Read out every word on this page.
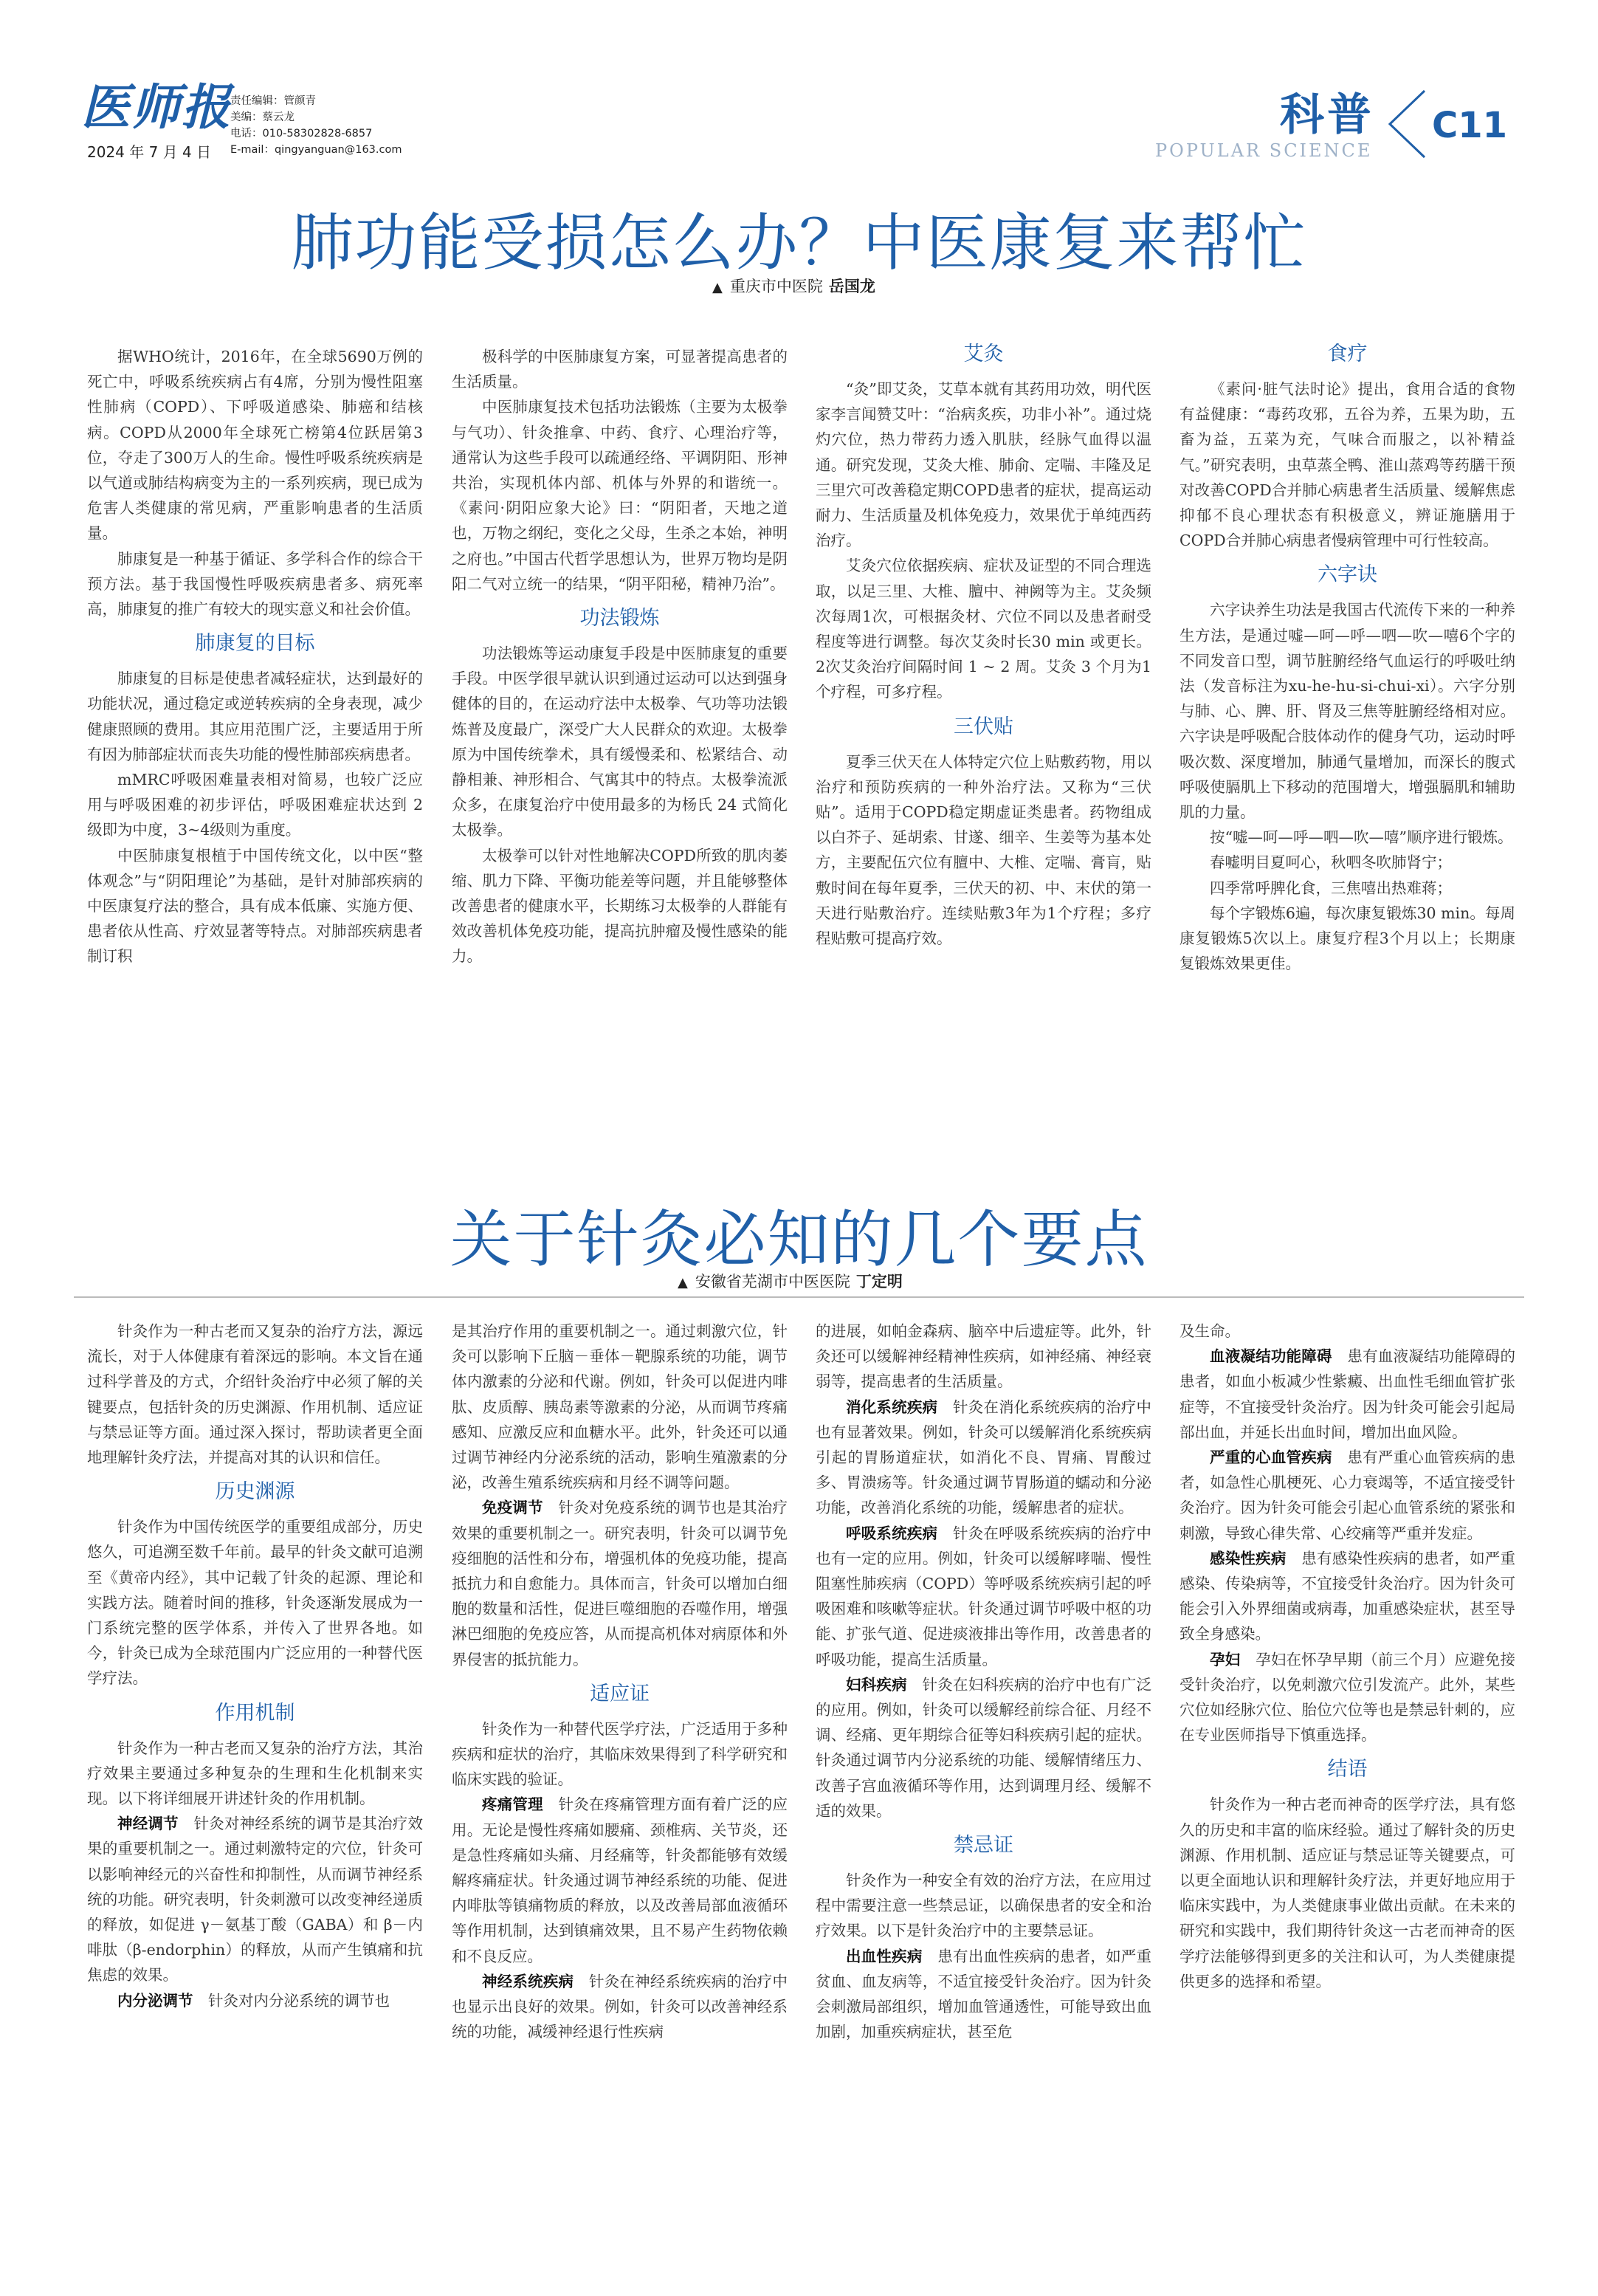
医师报
2024 年 7 月 4 日
责任编辑：管颜青
美编：蔡云龙
电话：010-58302828-6857
E-mail：qingyanguan@163.com
科普
POPULAR SCIENCE
C11
肺功能受损怎么办？中医康复来帮忙
▲ 重庆市中医院 岳国龙

据WHO统计，2016年，在全球5690万例的死亡中，呼吸系统疾病占有4席，分别为慢性阻塞性肺病（COPD）、下呼吸道感染、肺癌和结核病。COPD从2000年全球死亡榜第4位跃居第3位，夺走了300万人的生命。慢性呼吸系统疾病是以气道或肺结构病变为主的一系列疾病，现已成为危害人类健康的常见病，严重影响患者的生活质量。

肺康复是一种基于循证、多学科合作的综合干预方法。基于我国慢性呼吸疾病患者多、病死率高，肺康复的推广有较大的现实意义和社会价值。

肺康复的目标

肺康复的目标是使患者减轻症状，达到最好的功能状况，通过稳定或逆转疾病的全身表现，减少健康照顾的费用。其应用范围广泛，主要适用于所有因为肺部症状而丧失功能的慢性肺部疾病患者。

mMRC呼吸困难量表相对简易，也较广泛应用与呼吸困难的初步评估，呼吸困难症状达到 2 级即为中度，3~4级则为重度。

中医肺康复根植于中国传统文化，以中医“整体观念”与“阴阳理论”为基础，是针对肺部疾病的中医康复疗法的整合，具有成本低廉、实施方便、患者依从性高、疗效显著等特点。对肺部疾病患者制订积

极科学的中医肺康复方案，可显著提高患者的生活质量。

中医肺康复技术包括功法锻炼（主要为太极拳与气功）、针灸推拿、中药、食疗、心理治疗等，通常认为这些手段可以疏通经络、平调阴阳、形神共治，实现机体内部、机体与外界的和谐统一。《素问·阴阳应象大论》曰：“阴阳者，天地之道也，万物之纲纪，变化之父母，生杀之本始，神明之府也。”中国古代哲学思想认为，世界万物均是阴阳二气对立统一的结果，“阴平阳秘，精神乃治”。

功法锻炼

功法锻炼等运动康复手段是中医肺康复的重要手段。中医学很早就认识到通过运动可以达到强身健体的目的，在运动疗法中太极拳、气功等功法锻炼普及度最广，深受广大人民群众的欢迎。太极拳原为中国传统拳术，具有缓慢柔和、松紧结合、动静相兼、神形相合、气寓其中的特点。太极拳流派众多，在康复治疗中使用最多的为杨氏 24 式简化太极拳。

太极拳可以针对性地解决COPD所致的肌肉萎缩、肌力下降、平衡功能差等问题，并且能够整体改善患者的健康水平，长期练习太极拳的人群能有效改善机体免疫功能，提高抗肿瘤及慢性感染的能力。

艾灸

“灸”即艾灸，艾草本就有其药用功效，明代医家李言闻赞艾叶：“治病炙疾，功非小补”。通过烧灼穴位，热力带药力透入肌肤，经脉气血得以温通。研究发现，艾灸大椎、肺俞、定喘、丰隆及足三里穴可改善稳定期COPD患者的症状，提高运动耐力、生活质量及机体免疫力，效果优于单纯西药治疗。

艾灸穴位依据疾病、症状及证型的不同合理选取，以足三里、大椎、膻中、神阙等为主。艾灸频次每周1次，可根据灸材、穴位不同以及患者耐受程度等进行调整。每次艾灸时长30 min 或更长。2次艾灸治疗间隔时间 1 ~ 2 周。艾灸 3 个月为1个疗程，可多疗程。

三伏贴

夏季三伏天在人体特定穴位上贴敷药物，用以治疗和预防疾病的一种外治疗法。又称为“三伏贴”。适用于COPD稳定期虚证类患者。药物组成以白芥子、延胡索、甘遂、细辛、生姜等为基本处方，主要配伍穴位有膻中、大椎、定喘、膏肓，贴敷时间在每年夏季，三伏天的初、中、末伏的第一天进行贴敷治疗。连续贴敷3年为1个疗程；多疗程贴敷可提高疗效。

食疗

《素问·脏气法时论》提出，食用合适的食物有益健康：“毒药攻邪，五谷为养，五果为助，五畜为益，五菜为充，气味合而服之，以补精益气。”研究表明，虫草蒸全鸭、淮山蒸鸡等药膳干预对改善COPD合并肺心病患者生活质量、缓解焦虑抑郁不良心理状态有积极意义，辨证施膳用于COPD合并肺心病患者慢病管理中可行性较高。

六字诀

六字诀养生功法是我国古代流传下来的一种养生方法，是通过嘘—呵—呼—呬—吹—嘻6个字的不同发音口型，调节脏腑经络气血运行的呼吸吐纳法（发音标注为xu-he-hu-si-chui-xi）。六字分别与肺、心、脾、肝、肾及三焦等脏腑经络相对应。六字诀是呼吸配合肢体动作的健身气功，运动时呼吸次数、深度增加，肺通气量增加，而深长的腹式呼吸使膈肌上下移动的范围增大，增强膈肌和辅助肌的力量。

按“嘘—呵—呼—呬—吹—嘻”顺序进行锻炼。

春嘘明目夏呵心，秋呬冬吹肺肾宁；

四季常呼脾化食，三焦嘻出热难蒋；

每个字锻炼6遍，每次康复锻炼30 min。每周康复锻炼5次以上。康复疗程3个月以上；长期康复锻炼效果更佳。

关于针灸必知的几个要点
▲ 安徽省芜湖市中医医院 丁定明

针灸作为一种古老而又复杂的治疗方法，源远流长，对于人体健康有着深远的影响。本文旨在通过科学普及的方式，介绍针灸治疗中必须了解的关键要点，包括针灸的历史渊源、作用机制、适应证与禁忌证等方面。通过深入探讨，帮助读者更全面地理解针灸疗法，并提高对其的认识和信任。

历史渊源

针灸作为中国传统医学的重要组成部分，历史悠久，可追溯至数千年前。最早的针灸文献可追溯至《黄帝内经》，其中记载了针灸的起源、理论和实践方法。随着时间的推移，针灸逐渐发展成为一门系统完整的医学体系，并传入了世界各地。如今，针灸已成为全球范围内广泛应用的一种替代医学疗法。

作用机制

针灸作为一种古老而又复杂的治疗方法，其治疗效果主要通过多种复杂的生理和生化机制来实现。以下将详细展开讲述针灸的作用机制。

神经调节　 针灸对神经系统的调节是其治疗效果的重要机制之一。通过刺激特定的穴位，针灸可以影响神经元的兴奋性和抑制性，从而调节神经系统的功能。研究表明，针灸刺激可以改变神经递质的释放，如促进 γ－氨基丁酸（GABA）和 β－内啡肽（β-endorphin）的释放，从而产生镇痛和抗焦虑的效果。

内分泌调节　 针灸对内分泌系统的调节也

是其治疗作用的重要机制之一。通过刺激穴位，针灸可以影响下丘脑－垂体－靶腺系统的功能，调节体内激素的分泌和代谢。例如，针灸可以促进内啡肽、皮质醇、胰岛素等激素的分泌，从而调节疼痛感知、应激反应和血糖水平。此外，针灸还可以通过调节神经内分泌系统的活动，影响生殖激素的分泌，改善生殖系统疾病和月经不调等问题。

免疫调节　 针灸对免疫系统的调节也是其治疗效果的重要机制之一。研究表明，针灸可以调节免疫细胞的活性和分布，增强机体的免疫功能，提高抵抗力和自愈能力。具体而言，针灸可以增加白细胞的数量和活性，促进巨噬细胞的吞噬作用，增强淋巴细胞的免疫应答，从而提高机体对病原体和外界侵害的抵抗能力。

适应证

针灸作为一种替代医学疗法，广泛适用于多种疾病和症状的治疗，其临床效果得到了科学研究和临床实践的验证。

疼痛管理　 针灸在疼痛管理方面有着广泛的应用。无论是慢性疼痛如腰痛、颈椎病、关节炎，还是急性疼痛如头痛、月经痛等，针灸都能够有效缓解疼痛症状。针灸通过调节神经系统的功能、促进内啡肽等镇痛物质的释放，以及改善局部血液循环等作用机制，达到镇痛效果，且不易产生药物依赖和不良反应。

神经系统疾病　 针灸在神经系统疾病的治疗中也显示出良好的效果。例如，针灸可以改善神经系统的功能，减缓神经退行性疾病

的进展，如帕金森病、脑卒中后遗症等。此外，针灸还可以缓解神经精神性疾病，如神经痛、神经衰弱等，提高患者的生活质量。

消化系统疾病　 针灸在消化系统疾病的治疗中也有显著效果。例如，针灸可以缓解消化系统疾病引起的胃肠道症状，如消化不良、胃痛、胃酸过多、胃溃疡等。针灸通过调节胃肠道的蠕动和分泌功能，改善消化系统的功能，缓解患者的症状。

呼吸系统疾病　 针灸在呼吸系统疾病的治疗中也有一定的应用。例如，针灸可以缓解哮喘、慢性阻塞性肺疾病（COPD）等呼吸系统疾病引起的呼吸困难和咳嗽等症状。针灸通过调节呼吸中枢的功能、扩张气道、促进痰液排出等作用，改善患者的呼吸功能，提高生活质量。

妇科疾病　 针灸在妇科疾病的治疗中也有广泛的应用。例如，针灸可以缓解经前综合征、月经不调、经痛、更年期综合征等妇科疾病引起的症状。针灸通过调节内分泌系统的功能、缓解情绪压力、改善子宫血液循环等作用，达到调理月经、缓解不适的效果。

禁忌证

针灸作为一种安全有效的治疗方法，在应用过程中需要注意一些禁忌证，以确保患者的安全和治疗效果。以下是针灸治疗中的主要禁忌证。

出血性疾病　 患有出血性疾病的患者，如严重贫血、血友病等，不适宜接受针灸治疗。因为针灸会刺激局部组织，增加血管通透性，可能导致出血加剧，加重疾病症状，甚至危

及生命。

血液凝结功能障碍　 患有血液凝结功能障碍的患者，如血小板减少性紫癜、出血性毛细血管扩张症等，不宜接受针灸治疗。因为针灸可能会引起局部出血，并延长出血时间，增加出血风险。

严重的心血管疾病　 患有严重心血管疾病的患者，如急性心肌梗死、心力衰竭等，不适宜接受针灸治疗。因为针灸可能会引起心血管系统的紧张和刺激，导致心律失常、心绞痛等严重并发症。

感染性疾病　 患有感染性疾病的患者，如严重感染、传染病等，不宜接受针灸治疗。因为针灸可能会引入外界细菌或病毒，加重感染症状，甚至导致全身感染。

孕妇　 孕妇在怀孕早期（前三个月）应避免接受针灸治疗，以免刺激穴位引发流产。此外，某些穴位如经脉穴位、胎位穴位等也是禁忌针刺的，应在专业医师指导下慎重选择。

结语

针灸作为一种古老而神奇的医学疗法，具有悠久的历史和丰富的临床经验。通过了解针灸的历史渊源、作用机制、适应证与禁忌证等关键要点，可以更全面地认识和理解针灸疗法，并更好地应用于临床实践中，为人类健康事业做出贡献。在未来的研究和实践中，我们期待针灸这一古老而神奇的医学疗法能够得到更多的关注和认可，为人类健康提供更多的选择和希望。
